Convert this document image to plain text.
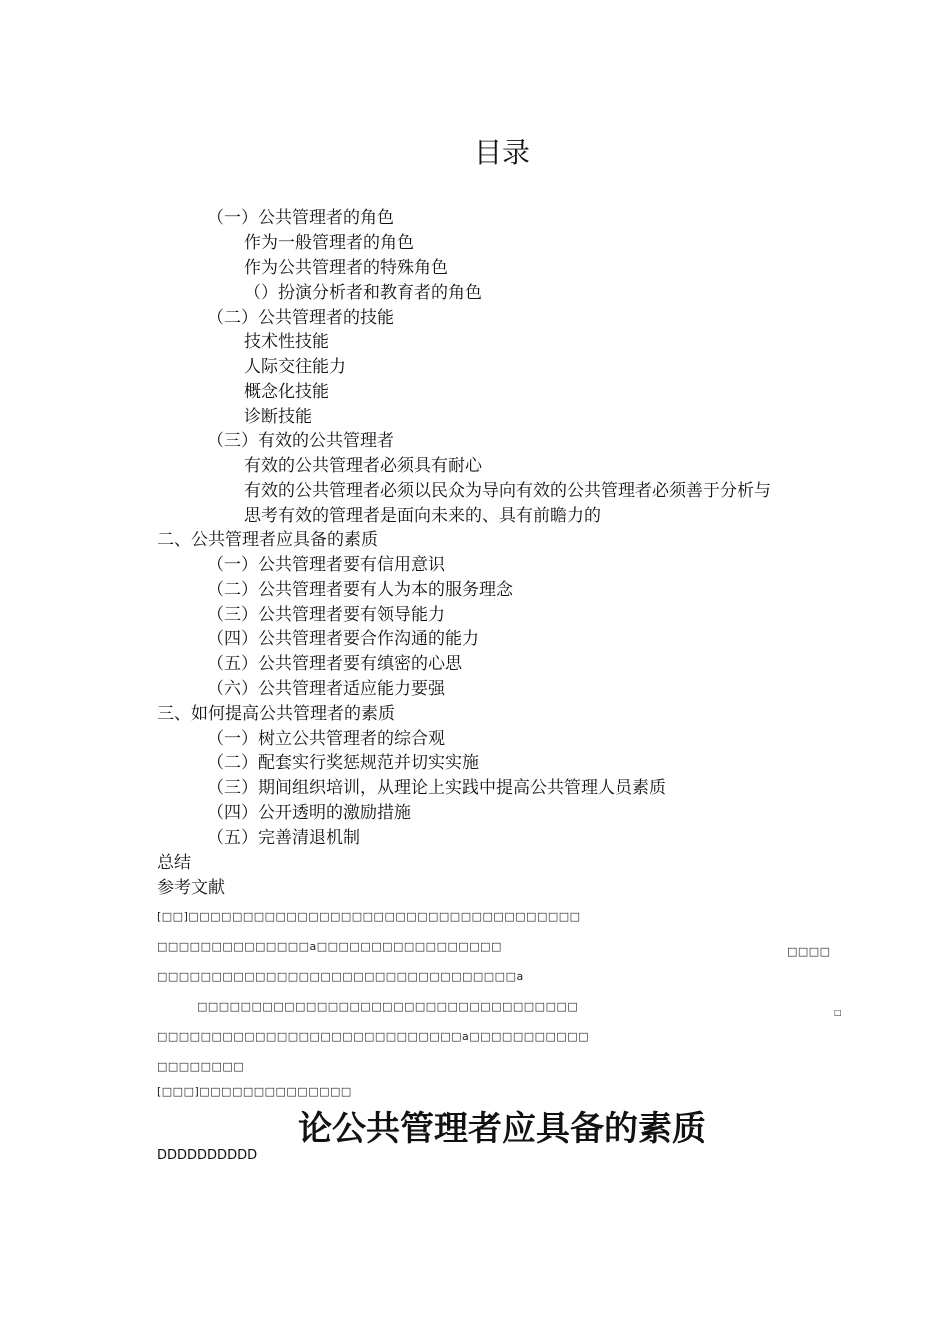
目录
（一）公共管理者的角色
作为一般管理者的角色
作为公共管理者的特殊角色
（）扮演分析者和教育者的角色
（二）公共管理者的技能
技术性技能
人际交往能力
概念化技能
诊断技能
（三）有效的公共管理者
有效的公共管理者必须具有耐心
有效的公共管理者必须以民众为导向有效的公共管理者必须善于分析与
思考有效的管理者是面向未来的、具有前瞻力的
二、公共管理者应具备的素质
（一）公共管理者要有信用意识
（二）公共管理者要有人为本的服务理念
（三）公共管理者要有领导能力
（四）公共管理者要合作沟通的能力
（五）公共管理者要有缜密的心思
（六）公共管理者适应能力要强
三、如何提高公共管理者的素质
（一）树立公共管理者的综合观
（二）配套实行奖惩规范并切实实施
（三）期间组织培训，从理论上实践中提高公共管理人员素质
（四）公开透明的激励措施
（五）完善清退机制
总结
参考文献
[□□]□□□□□□□□□□□□□□□□□□□□□□□□□□□□□□□□□□□□
□□□□□□□□□□□□□□a□□□□□□□□□□□□□□□□□	□□□□
□□□□□□□□□□□□□□□□□□□□□□□□□□□□□□□□□a
□□□□□□□□□□□□□□□□□□□□□□□□□□□□□□□□□□□	□
□□□□□□□□□□□□□□□□□□□□□□□□□□□□a□□□□□□□□□□□
□□□□□□□□
[□□□]□□□□□□□□□□□□□□
论公共管理者应具备的素质
DDDDDDDDDD
